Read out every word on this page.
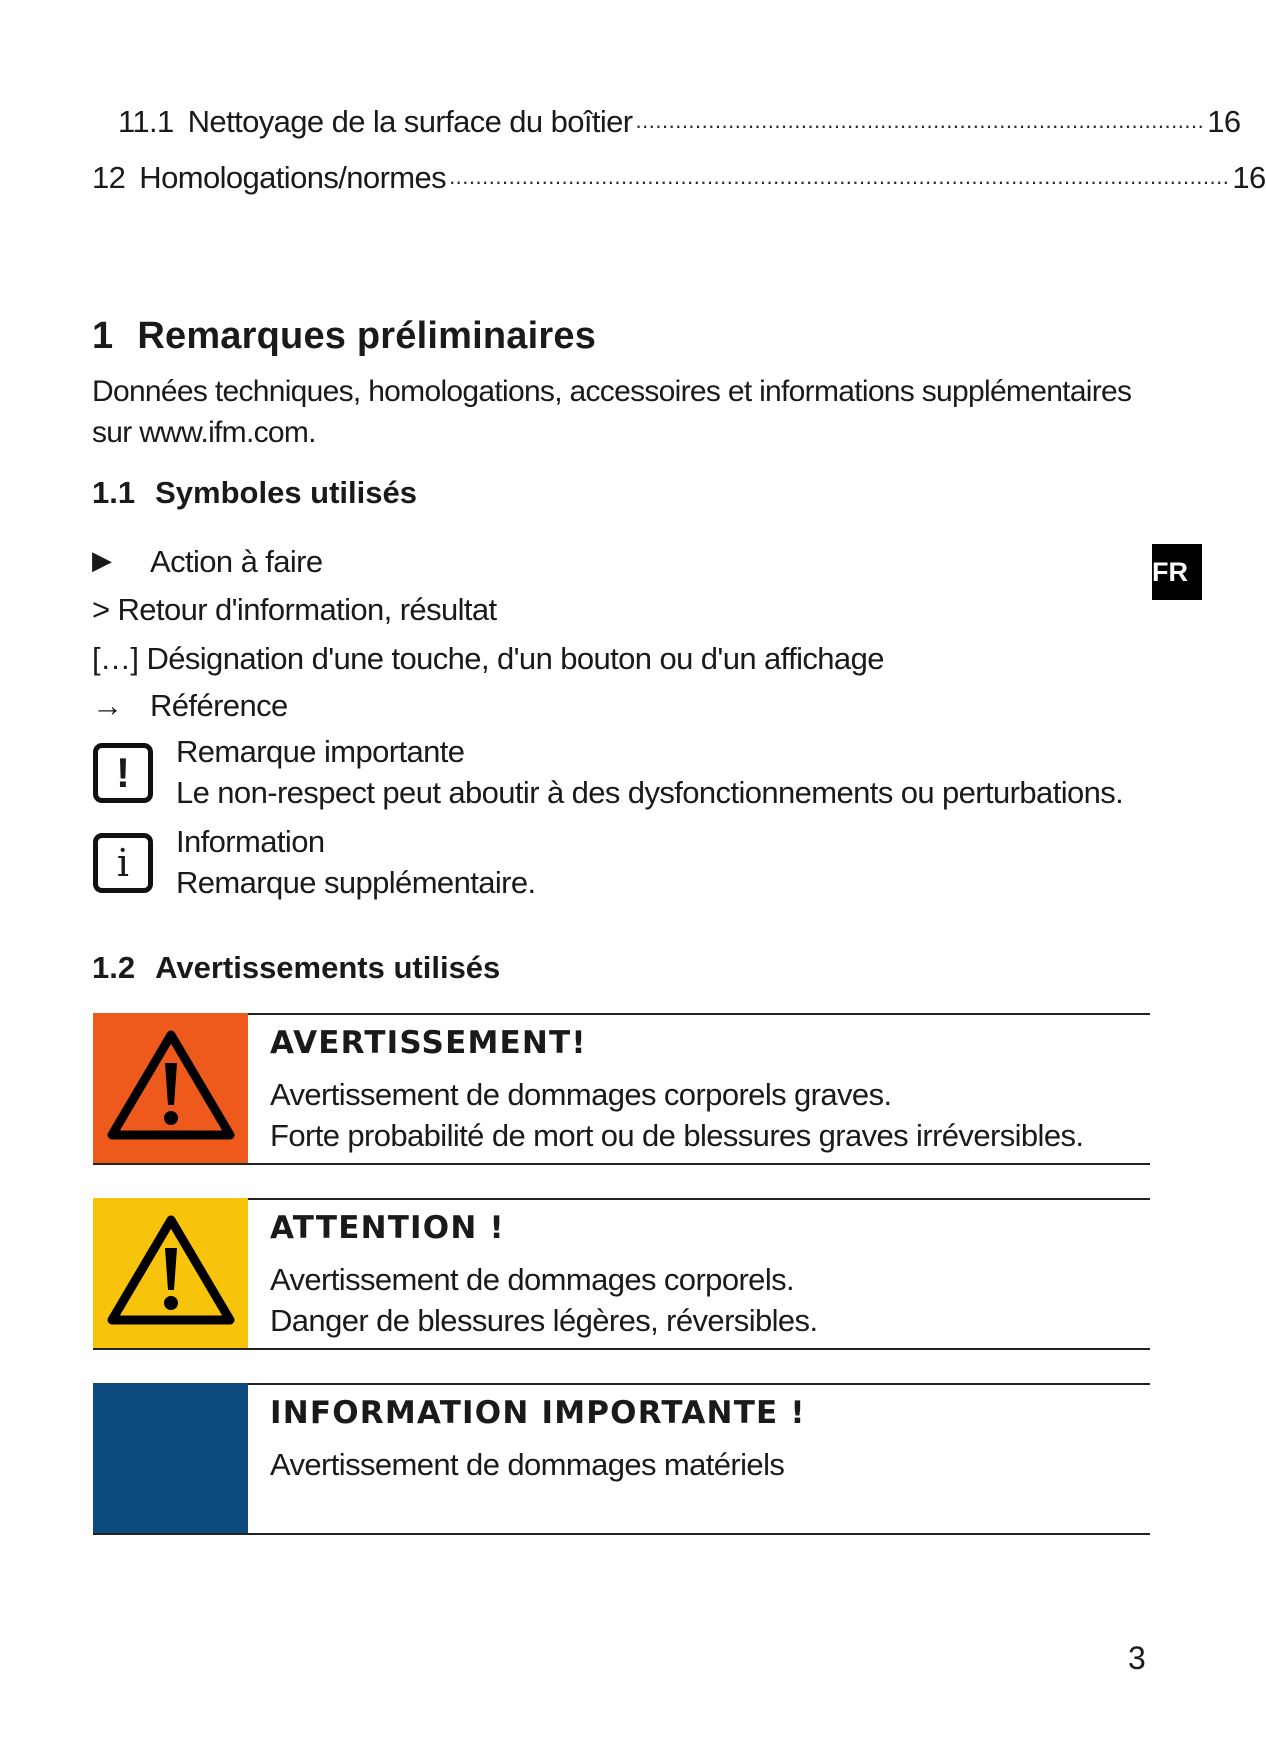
11.1 Nettoyage de la surface du boîtier ...................................................................................... 16
12 Homologations/normes ...................................................................................................................... 16
1 Remarques préliminaires
Données techniques, homologations, accessoires et informations supplémentaires sur www.ifm.com.
1.1 Symboles utilisés
▶ Action à faire
> Retour d'information, résultat
[…] Désignation d'une touche, d'un bouton ou d'un affichage
→ Référence
!	Remarque importante
Le non-respect peut aboutir à des dysfonctionnements ou perturbations.
i	Information
Remarque supplémentaire.
1.2 Avertissements utilisés
AVERTISSEMENT!
Avertissement de dommages corporels graves.
Forte probabilité de mort ou de blessures graves irréversibles.
ATTENTION !
Avertissement de dommages corporels.
Danger de blessures légères, réversibles.
INFORMATION IMPORTANTE !
Avertissement de dommages matériels
FR
3
